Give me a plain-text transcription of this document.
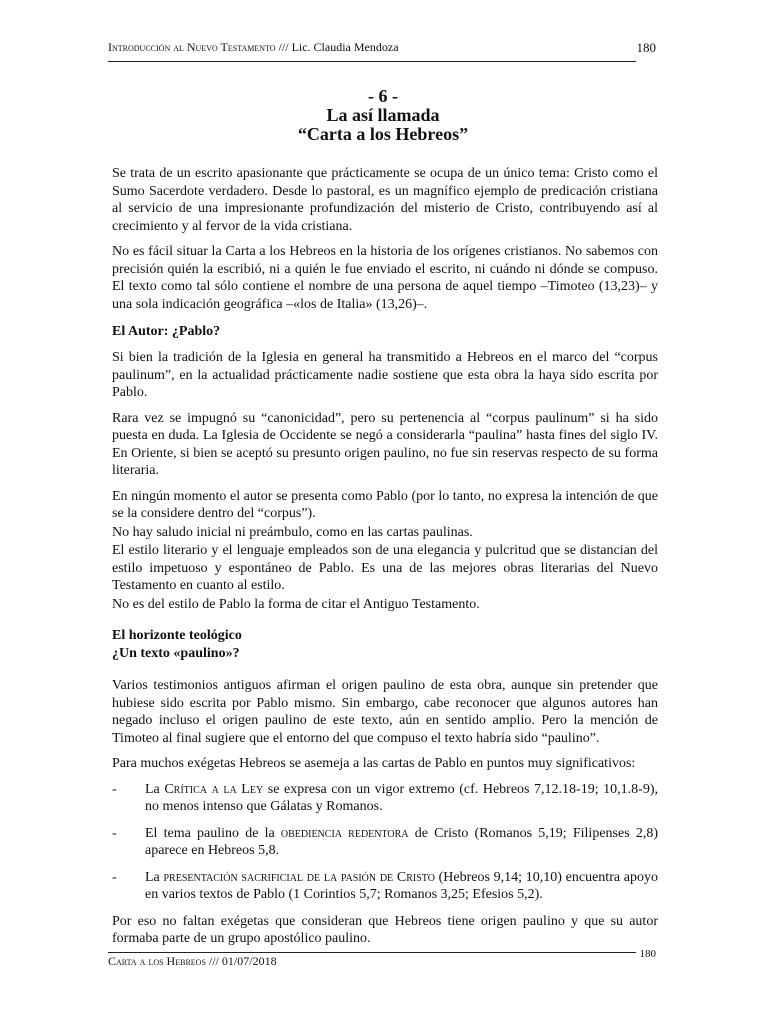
Introducción al Nuevo Testamento /// Lic. Claudia Mendoza	180
- 6 -
La así llamada
“Carta a los Hebreos”

Se trata de un escrito apasionante que prácticamente se ocupa de un único tema: Cristo como el Sumo Sacerdote verdadero. Desde lo pastoral, es un magnífico ejemplo de predicación cristiana al servicio de una impresionante profundización del misterio de Cristo, contribuyendo así al crecimiento y al fervor de la vida cristiana.

No es fácil situar la Carta a los Hebreos en la historia de los orígenes cristianos. No sabemos con precisión quién la escribió, ni a quién le fue enviado el escrito, ni cuándo ni dónde se compuso. El texto como tal sólo contiene el nombre de una persona de aquel tiempo –Timoteo (13,23)– y una sola indicación geográfica –«los de Italia» (13,26)–.

El Autor: ¿Pablo?

Si bien la tradición de la Iglesia en general ha transmitido a Hebreos en el marco del “corpus paulinum”, en la actualidad prácticamente nadie sostiene que esta obra la haya sido escrita por Pablo.

Rara vez se impugnó su “canonicidad”, pero su pertenencia al “corpus paulinum” si ha sido puesta en duda. La Iglesia de Occidente se negó a considerarla “paulina” hasta fines del siglo IV. En Oriente, si bien se aceptó su presunto origen paulino, no fue sin reservas respecto de su forma literaria.

En ningún momento el autor se presenta como Pablo (por lo tanto, no expresa la intención de que se la considere dentro del “corpus”).

No hay saludo inicial ni preámbulo, como en las cartas paulinas.

El estilo literario y el lenguaje empleados son de una elegancia y pulcritud que se distancian del estilo impetuoso y espontáneo de Pablo. Es una de las mejores obras literarias del Nuevo Testamento en cuanto al estilo.

No es del estilo de Pablo la forma de citar el Antiguo Testamento.

El horizonte teológico
¿Un texto «paulino»?

Varios testimonios antiguos afirman el origen paulino de esta obra, aunque sin pretender que hubiese sido escrita por Pablo mismo. Sin embargo, cabe reconocer que algunos autores han negado incluso el origen paulino de este texto, aún en sentido amplio. Pero la mención de Timoteo al final sugiere que el entorno del que compuso el texto habría sido “paulino”.

Para muchos exégetas Hebreos se asemeja a las cartas de Pablo en puntos muy significativos:

- La Crítica a la Ley se expresa con un vigor extremo (cf. Hebreos 7,12.18-19; 10,1.8-9), no menos intenso que Gálatas y Romanos.
- El tema paulino de la obediencia redentora de Cristo (Romanos 5,19; Filipenses 2,8) aparece en Hebreos 5,8.
- La presentación sacrificial de la pasión de Cristo (Hebreos 9,14; 10,10) encuentra apoyo en varios textos de Pablo (1 Corintios 5,7; Romanos 3,25; Efesios 5,2).

Por eso no faltan exégetas que consideran que Hebreos tiene origen paulino y que su autor formaba parte de un grupo apostólico paulino.

Carta a los Hebreos /// 01/07/2018	180
